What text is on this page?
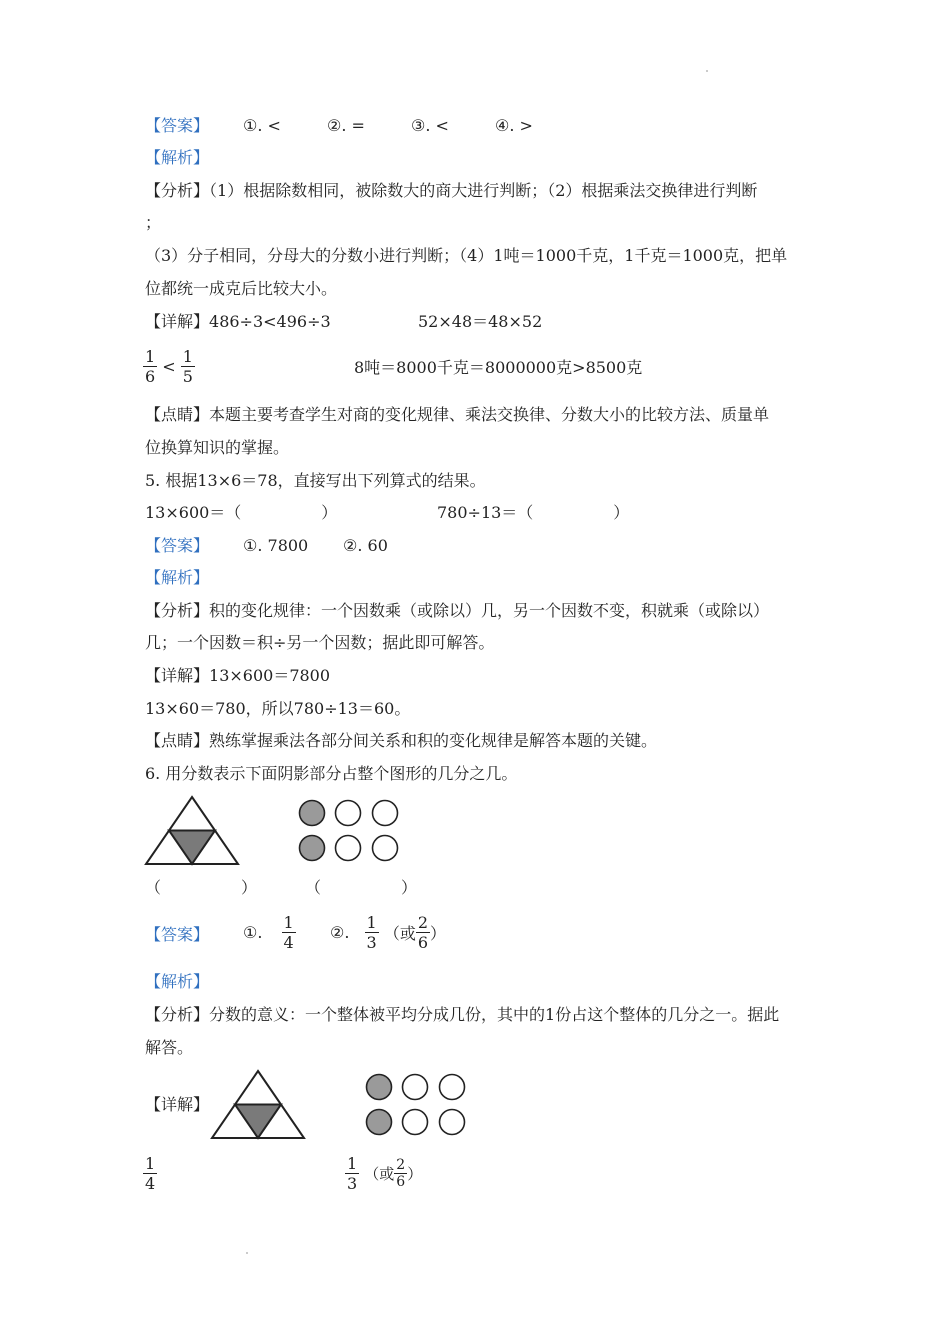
【答案】 ①. <	②. =	③. <	④. >
【解析】
【分析】（1）根据除数相同，被除数大的商大进行判断；（2）根据乘法交换律进行判断
；
（3）分子相同，分母大的分数小进行判断；（4）1吨＝1000千克，1千克＝1000克，把单
位都统一成克后比较大小。
【详解】486÷3<496÷3	52×48＝48×52
$\frac{1}{6} < \frac{1}{5}$	8吨＝8000千克＝8000000克>8500克
【点睛】本题主要考查学生对商的变化规律、乘法交换律、分数大小的比较方法、质量单
位换算知识的掌握。
5. 根据13×6＝78，直接写出下列算式的结果。
13×600＝（　　　　　）	780÷13＝（　　　　　）
【答案】 ①. 7800 ②. 60
【解析】
【分析】积的变化规律：一个因数乘（或除以）几，另一个因数不变，积就乘（或除以）
几；一个因数＝积÷另一个因数；据此即可解答。
【详解】13×600＝7800
13×60＝780，所以780÷13＝60。
【点睛】熟练掌握乘法各部分间关系和积的变化规律是解答本题的关键。
6. 用分数表示下面阴影部分占整个图形的几分之几。
（　　　　　）	（　　　　　）
【答案】 ①. $\frac{1}{4}$ ②. $\frac{1}{3}$ （或 $\frac{2}{6}$ ）
【解析】
【分析】分数的意义：一个整体被平均分成几份，其中的1份占这个整体的几分之一。据此
解答。
【详解】
$\frac{1}{4}$	$\frac{1}{3}$ （或 $\frac{2}{6}$ ）
